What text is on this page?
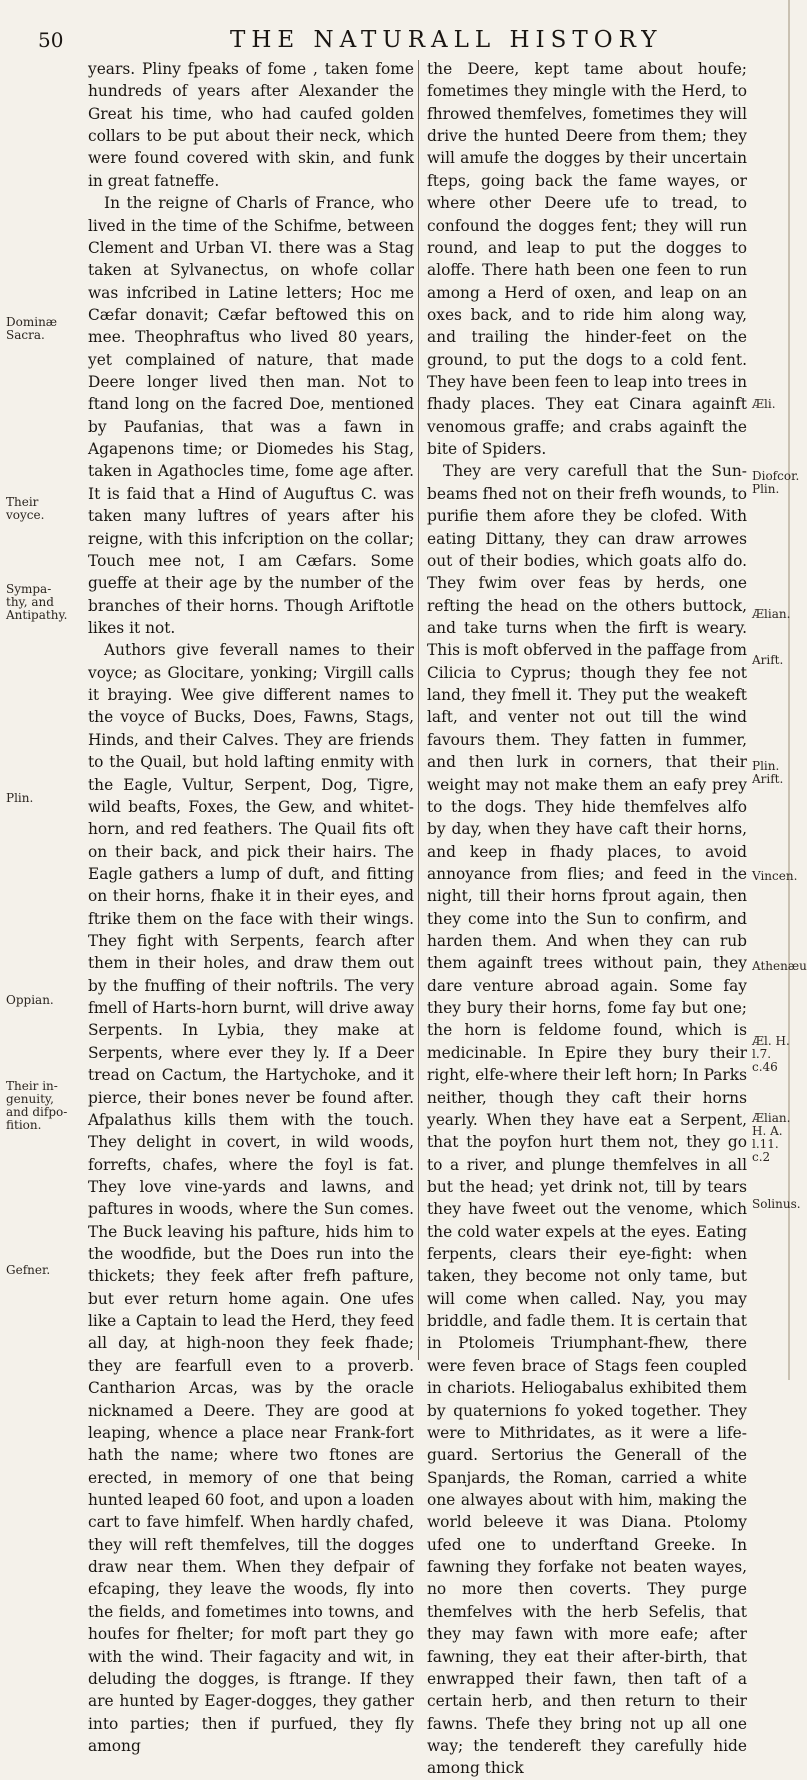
50	THE NATURALL HISTORY

years. Pliny fpeaks of fome , taken fome hundreds of years after Alexander the Great his time, who had caufed golden collars to be put about their neck, which were found covered with skin, and funk in great fatneffe.

In the reigne of Charls of France, who lived in the time of the Schifme, between Clement and Urban VI. there was a Stag taken at Sylvanectus, on whofe collar was infcribed in Latine letters; Hoc me Cæfar donavit; Cæfar beftowed this on mee. Theophraftus who lived 80 years, yet complained of nature, that made Deere longer lived then man. Not to ftand long on the facred Doe, mentioned by Paufanias, that was a fawn in Agapenons time; or Diomedes his Stag, taken in Agathocles time, fome age after. It is faid that a Hind of Auguftus C. was taken many luftres of years after his reigne, with this infcription on the collar; Touch mee not, I am Cæfars. Some gueffe at their age by the number of the branches of their horns. Though Ariftotle likes it not.

Authors give feverall names to their voyce; as Glocitare, yonking; Virgill calls it braying. Wee give different names to the voyce of Bucks, Does, Fawns, Stags, Hinds, and their Calves. They are friends to the Quail, but hold lafting enmity with the Eagle, Vultur, Serpent, Dog, Tigre, wild beafts, Foxes, the Gew, and whitet-horn, and red feathers. The Quail fits oft on their back, and pick their hairs. The Eagle gathers a lump of duft, and fitting on their horns, fhake it in their eyes, and ftrike them on the face with their wings. They fight with Serpents, fearch after them in their holes, and draw them out by the fnuffing of their noftrils. The very fmell of Harts-horn burnt, will drive away Serpents. In Lybia, they make at Serpents, where ever they ly. If a Deer tread on Cactum, the Hartychoke, and it pierce, their bones never be found after. Afpalathus kills them with the touch. They delight in covert, in wild woods, forrefts, chafes, where the foyl is fat. They love vine-yards and lawns, and paftures in woods, where the Sun comes. The Buck leaving his pafture, hids him to the woodfide, but the Does run into the thickets; they feek after frefh pafture, but ever return home again. One ufes like a Captain to lead the Herd, they feed all day, at high-noon they feek fhade; they are fearfull even to a proverb. Cantharion Arcas, was by the oracle nicknamed a Deere. They are good at leaping, whence a place near Frank-fort hath the name; where two ftones are erected, in memory of one that being hunted leaped 60 foot, and upon a loaden cart to fave himfelf. When hardly chafed, they will reft themfelves, till the dogges draw near them. When they defpair of efcaping, they leave the woods, fly into the fields, and fometimes into towns, and houfes for fhelter; for moft part they go with the wind. Their fagacity and wit, in deluding the dogges, is ftrange. If they are hunted by Eager-dogges, they gather into parties; then if purfued, they fly among

the Deere, kept tame about houfe; fometimes they mingle with the Herd, to fhrowed themfelves, fometimes they will drive the hunted Deere from them; they will amufe the dogges by their uncertain fteps, going back the fame wayes, or where other Deere ufe to tread, to confound the dogges fent; they will run round, and leap to put the dogges to aloffe. There hath been one feen to run among a Herd of oxen, and leap on an oxes back, and to ride him along way, and trailing the hinder-feet on the ground, to put the dogs to a cold fent. They have been feen to leap into trees in fhady places. They eat Cinara againft venomous graffe; and crabs againft the bite of Spiders.

They are very carefull that the Sun-beams fhed not on their frefh wounds, to purifie them afore they be clofed. With eating Dittany, they can draw arrowes out of their bodies, which goats alfo do. They fwim over feas by herds, one refting the head on the others buttock, and take turns when the firft is weary. This is moft obferved in the paffage from Cilicia to Cyprus; though they fee not land, they fmell it. They put the weakeft laft, and venter not out till the wind favours them. They fatten in fummer, and then lurk in corners, that their weight may not make them an eafy prey to the dogs. They hide themfelves alfo by day, when they have caft their horns, and keep in fhady places, to avoid annoyance from flies; and feed in the night, till their horns fprout again, then they come into the Sun to confirm, and harden them. And when they can rub them againft trees without pain, they dare venture abroad again. Some fay they bury their horns, fome fay but one; the horn is feldome found, which is medicinable. In Epire they bury their right, elfe-where their left horn; In Parks neither, though they caft their horns yearly. When they have eat a Serpent, that the poyfon hurt them not, they go to a river, and plunge themfelves in all but the head; yet drink not, till by tears they have fweet out the venome, which the cold water expels at the eyes. Eating ferpents, clears their eye-fight: when taken, they become not only tame, but will come when called. Nay, you may briddle, and fadle them. It is certain that in Ptolomeis Triumphant-fhew, there were feven brace of Stags feen coupled in chariots. Heliogabalus exhibited them by quaternions fo yoked together. They were to Mithridates, as it were a life-guard. Sertorius the Generall of the Spanjards, the Roman, carried a white one alwayes about with him, making the world beleeve it was Diana. Ptolomy ufed one to underftand Greeke. In fawning they forfake not beaten wayes, no more then coverts. They purge themfelves with the herb Sefelis, that they may fawn with more eafe; after fawning, they eat their after-birth, that enwrapped their fawn, then taft of a certain herb, and then return to their fawns. Thefe they bring not up all one way; the tendereft they carefully hide among thick

Dominæ
Sacra.
Their
voyce.
Sympa-
thy, and
Antipathy.
Plin.
Oppian.
Their in-
genuity,
and difpo-
fition.
Gefner.
Æli.
Diofcor.
Plin.
Ælian.
Arift.
Plin.
Arift.
Vincen.
Athenæu
Æl. H.
l.7. c.46
Ælian.
H. A.
l.11. c.2
Solinus.
